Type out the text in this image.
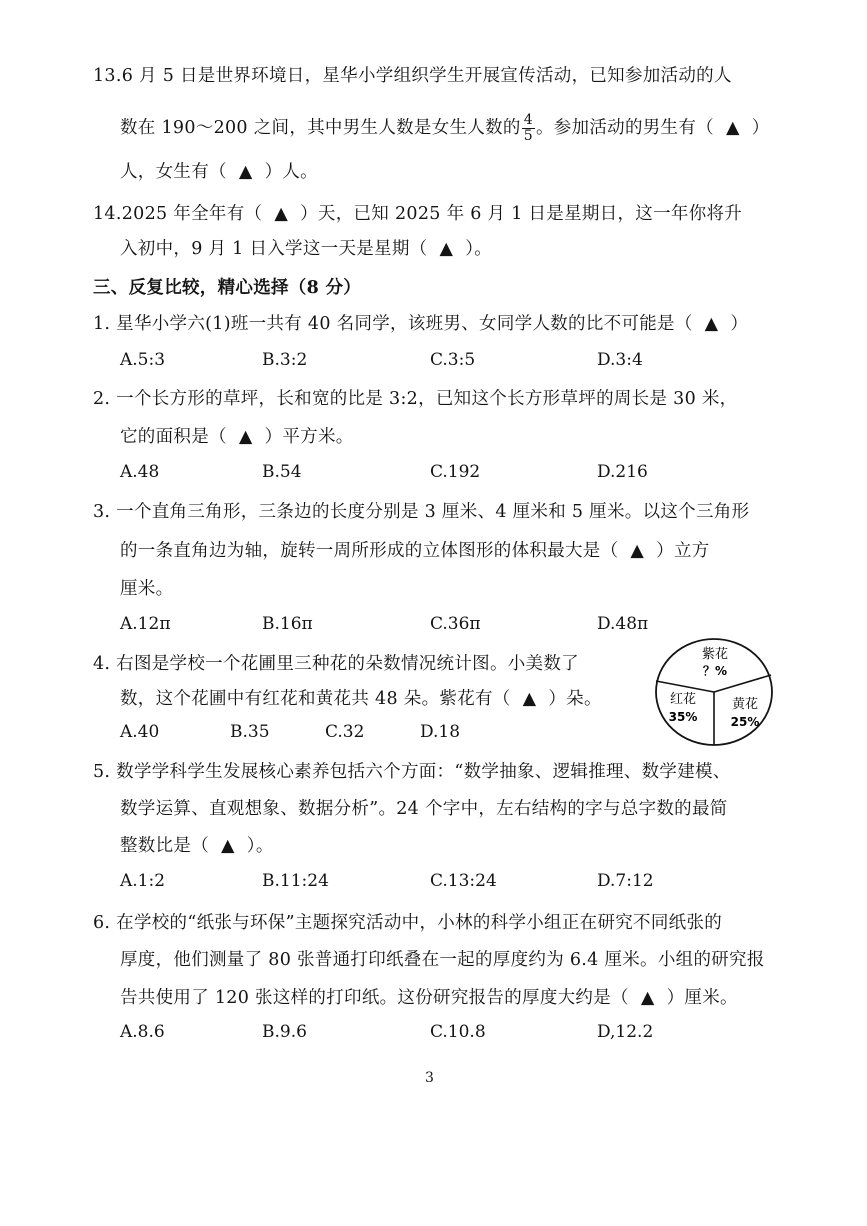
13.6 月 5 日是世界环境日，星华小学组织学生开展宣传活动，已知参加活动的人
数在 190～200 之间，其中男生人数是女生人数的 $\frac{4}{5}$ 。参加活动的男生有（ ▲ ）
人，女生有（ ▲ ）人。
14.2025 年全年有（ ▲ ）天，已知 2025 年 6 月 1 日是星期日，这一年你将升
入初中，9 月 1 日入学这一天是星期（ ▲ ）。
三、反复比较，精心选择（8 分）
1. 星华小学六(1)班一共有 40 名同学，该班男、女同学人数的比不可能是（ ▲ ）
A.5:3	B.3:2	C.3:5	D.3:4
2. 一个长方形的草坪，长和宽的比是 3:2，已知这个长方形草坪的周长是 30 米，
它的面积是（ ▲ ）平方米。
A.48	B.54	C.192	D.216
3. 一个直角三角形，三条边的长度分别是 3 厘米、4 厘米和 5 厘米。以这个三角形
的一条直角边为轴，旋转一周所形成的立体图形的体积最大是（ ▲ ）立方
厘米。
A.12π	B.16π	C.36π	D.48π
4. 右图是学校一个花圃里三种花的朵数情况统计图。小美数了
数，这个花圃中有红花和黄花共 48 朵。紫花有（ ▲ ）朵。
A.40	B.35	C.32	D.18
紫花
？%
红花
35%
黄花
25%
5. 数学学科学生发展核心素养包括六个方面：“数学抽象、逻辑推理、数学建模、
数学运算、直观想象、数据分析”。24 个字中，左右结构的字与总字数的最简
整数比是（ ▲ ）。
A.1:2	B.11:24	C.13:24	D.7:12
6. 在学校的“纸张与环保”主题探究活动中，小林的科学小组正在研究不同纸张的
厚度，他们测量了 80 张普通打印纸叠在一起的厚度约为 6.4 厘米。小组的研究报
告共使用了 120 张这样的打印纸。这份研究报告的厚度大约是（ ▲ ）厘米。
A.8.6	B.9.6	C.10.8	D,12.2
3
